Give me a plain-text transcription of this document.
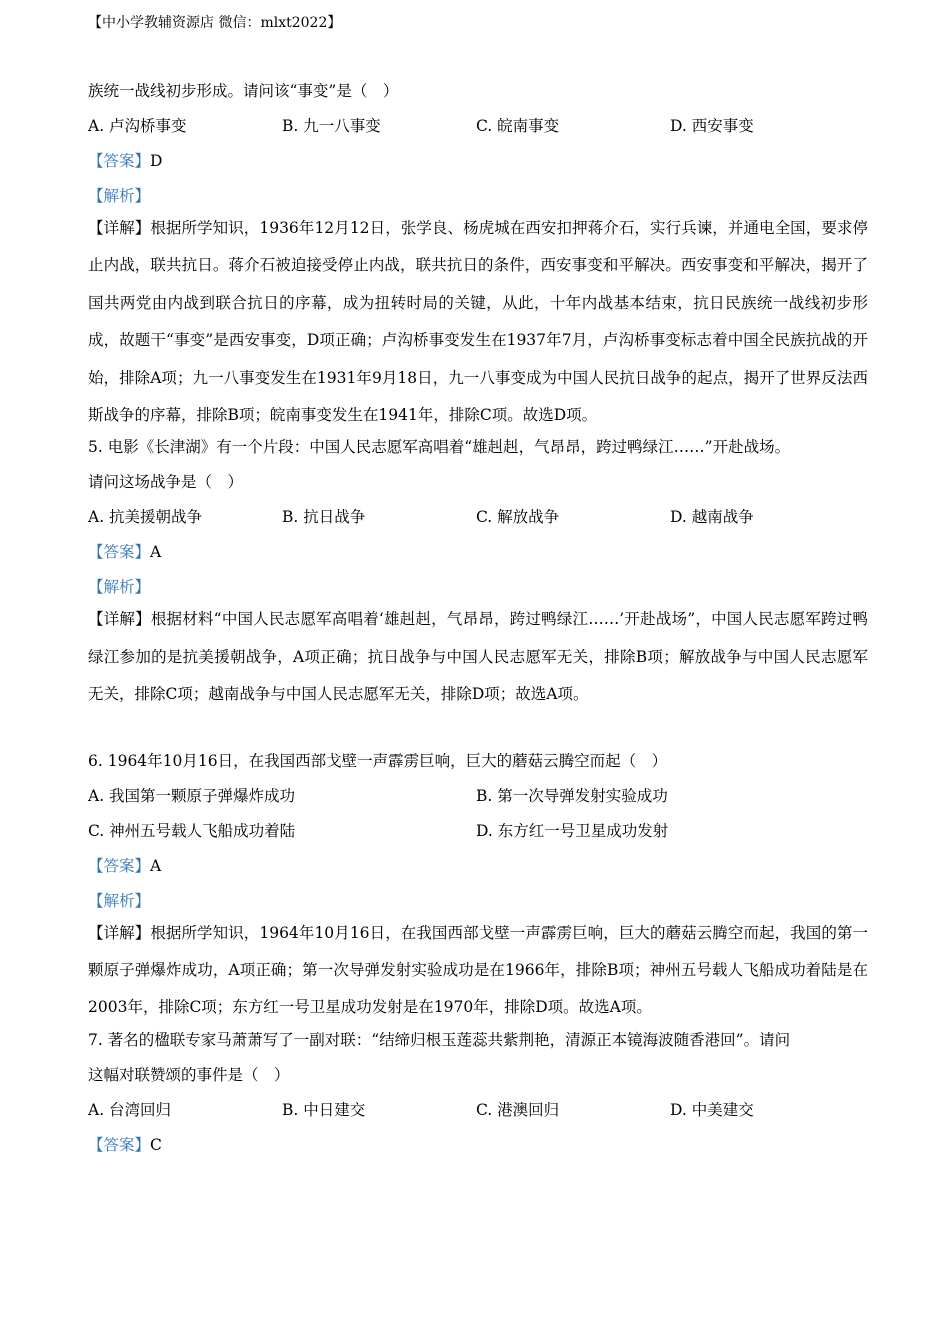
【中小学教辅资源店 微信：mlxt2022】
族统一战线初步形成。请问该“事变”是（　）
A. 卢沟桥事变	B. 九一八事变	C. 皖南事变	D. 西安事变
【答案】D
【解析】
【详解】根据所学知识，1936年12月12日，张学良、杨虎城在西安扣押蒋介石，实行兵谏，并通电全国，要求停止内战，联共抗日。蒋介石被迫接受停止内战，联共抗日的条件，西安事变和平解决。西安事变和平解决，揭开了国共两党由内战到联合抗日的序幕，成为扭转时局的关键，从此，十年内战基本结束，抗日民族统一战线初步形成，故题干“事变”是西安事变，D项正确；卢沟桥事变发生在1937年7月，卢沟桥事变标志着中国全民族抗战的开始，排除A项；九一八事变发生在1931年9月18日，九一八事变成为中国人民抗日战争的起点，揭开了世界反法西斯战争的序幕，排除B项；皖南事变发生在1941年，排除C项。故选D项。
5. 电影《长津湖》有一个片段：中国人民志愿军高唱着“雄赳赳，气昂昂，跨过鸭绿江……”开赴战场。
请问这场战争是（　）
A. 抗美援朝战争	B. 抗日战争	C. 解放战争	D. 越南战争
【答案】A
【解析】
【详解】根据材料“中国人民志愿军高唱着‘雄赳赳，气昂昂，跨过鸭绿江……’开赴战场”，中国人民志愿军跨过鸭绿江参加的是抗美援朝战争，A项正确；抗日战争与中国人民志愿军无关，排除B项；解放战争与中国人民志愿军无关，排除C项；越南战争与中国人民志愿军无关，排除D项；故选A项。
6. 1964年10月16日，在我国西部戈壁一声霹雳巨响，巨大的蘑菇云腾空而起（　）
A. 我国第一颗原子弹爆炸成功	B. 第一次导弹发射实验成功
C. 神州五号载人飞船成功着陆	D. 东方红一号卫星成功发射
【答案】A
【解析】
【详解】根据所学知识，1964年10月16日，在我国西部戈壁一声霹雳巨响，巨大的蘑菇云腾空而起，我国的第一颗原子弹爆炸成功，A项正确；第一次导弹发射实验成功是在1966年，排除B项；神州五号载人飞船成功着陆是在2003年，排除C项；东方红一号卫星成功发射是在1970年，排除D项。故选A项。
7. 著名的楹联专家马萧萧写了一副对联：“结缔归根玉莲蕊共紫荆艳，清源正本镜海波随香港回”。请问
这幅对联赞颂的事件是（　）
A. 台湾回归	B. 中日建交	C. 港澳回归	D. 中美建交
【答案】C
